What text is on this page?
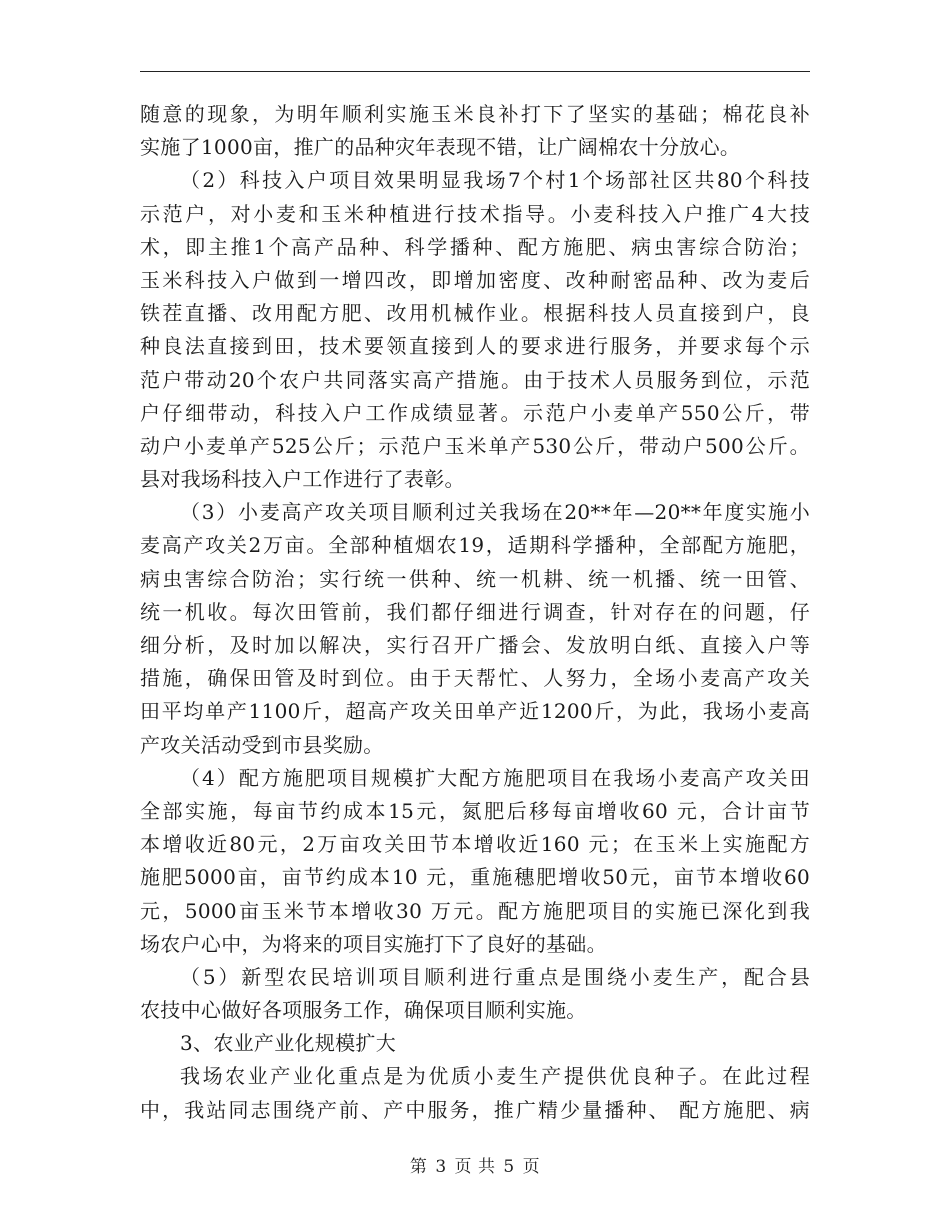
随意的现象，为明年顺利实施玉米良补打下了坚实的基础；棉花良补
实施了1000亩，推广的品种灾年表现不错，让广阔棉农十分放心。
（2）科技入户项目效果明显我场7个村1个场部社区共80个科技
示范户，对小麦和玉米种植进行技术指导。小麦科技入户推广4大技
术，即主推1个高产品种、科学播种、配方施肥、病虫害综合防治；
玉米科技入户做到一增四改，即增加密度、改种耐密品种、改为麦后
铁茬直播、改用配方肥、改用机械作业。根据科技人员直接到户，良
种良法直接到田，技术要领直接到人的要求进行服务，并要求每个示
范户带动20个农户共同落实高产措施。由于技术人员服务到位，示范
户仔细带动，科技入户工作成绩显著。示范户小麦单产550公斤，带
动户小麦单产525公斤；示范户玉米单产530公斤，带动户500公斤。
县对我场科技入户工作进行了表彰。
（3）小麦高产攻关项目顺利过关我场在20**年—20**年度实施小
麦高产攻关2万亩。全部种植烟农19，适期科学播种，全部配方施肥，
病虫害综合防治；实行统一供种、统一机耕、统一机播、统一田管、
统一机收。每次田管前，我们都仔细进行调查，针对存在的问题，仔
细分析，及时加以解决，实行召开广播会、发放明白纸、直接入户等
措施，确保田管及时到位。由于天帮忙、人努力，全场小麦高产攻关
田平均单产1100斤，超高产攻关田单产近1200斤，为此，我场小麦高
产攻关活动受到市县奖励。
（4）配方施肥项目规模扩大配方施肥项目在我场小麦高产攻关田
全部实施，每亩节约成本15元，氮肥后移每亩增收60 元，合计亩节
本增收近80元，2万亩攻关田节本增收近160 元；在玉米上实施配方
施肥5000亩，亩节约成本10 元，重施穗肥增收50元，亩节本增收60
元，5000亩玉米节本增收30 万元。配方施肥项目的实施已深化到我
场农户心中，为将来的项目实施打下了良好的基础。
（5）新型农民培训项目顺利进行重点是围绕小麦生产，配合县
农技中心做好各项服务工作，确保项目顺利实施。
3、农业产业化规模扩大
我场农业产业化重点是为优质小麦生产提供优良种子。在此过程
中，我站同志围绕产前、产中服务，推广精少量播种、 配方施肥、病
第 3 页 共 5 页
